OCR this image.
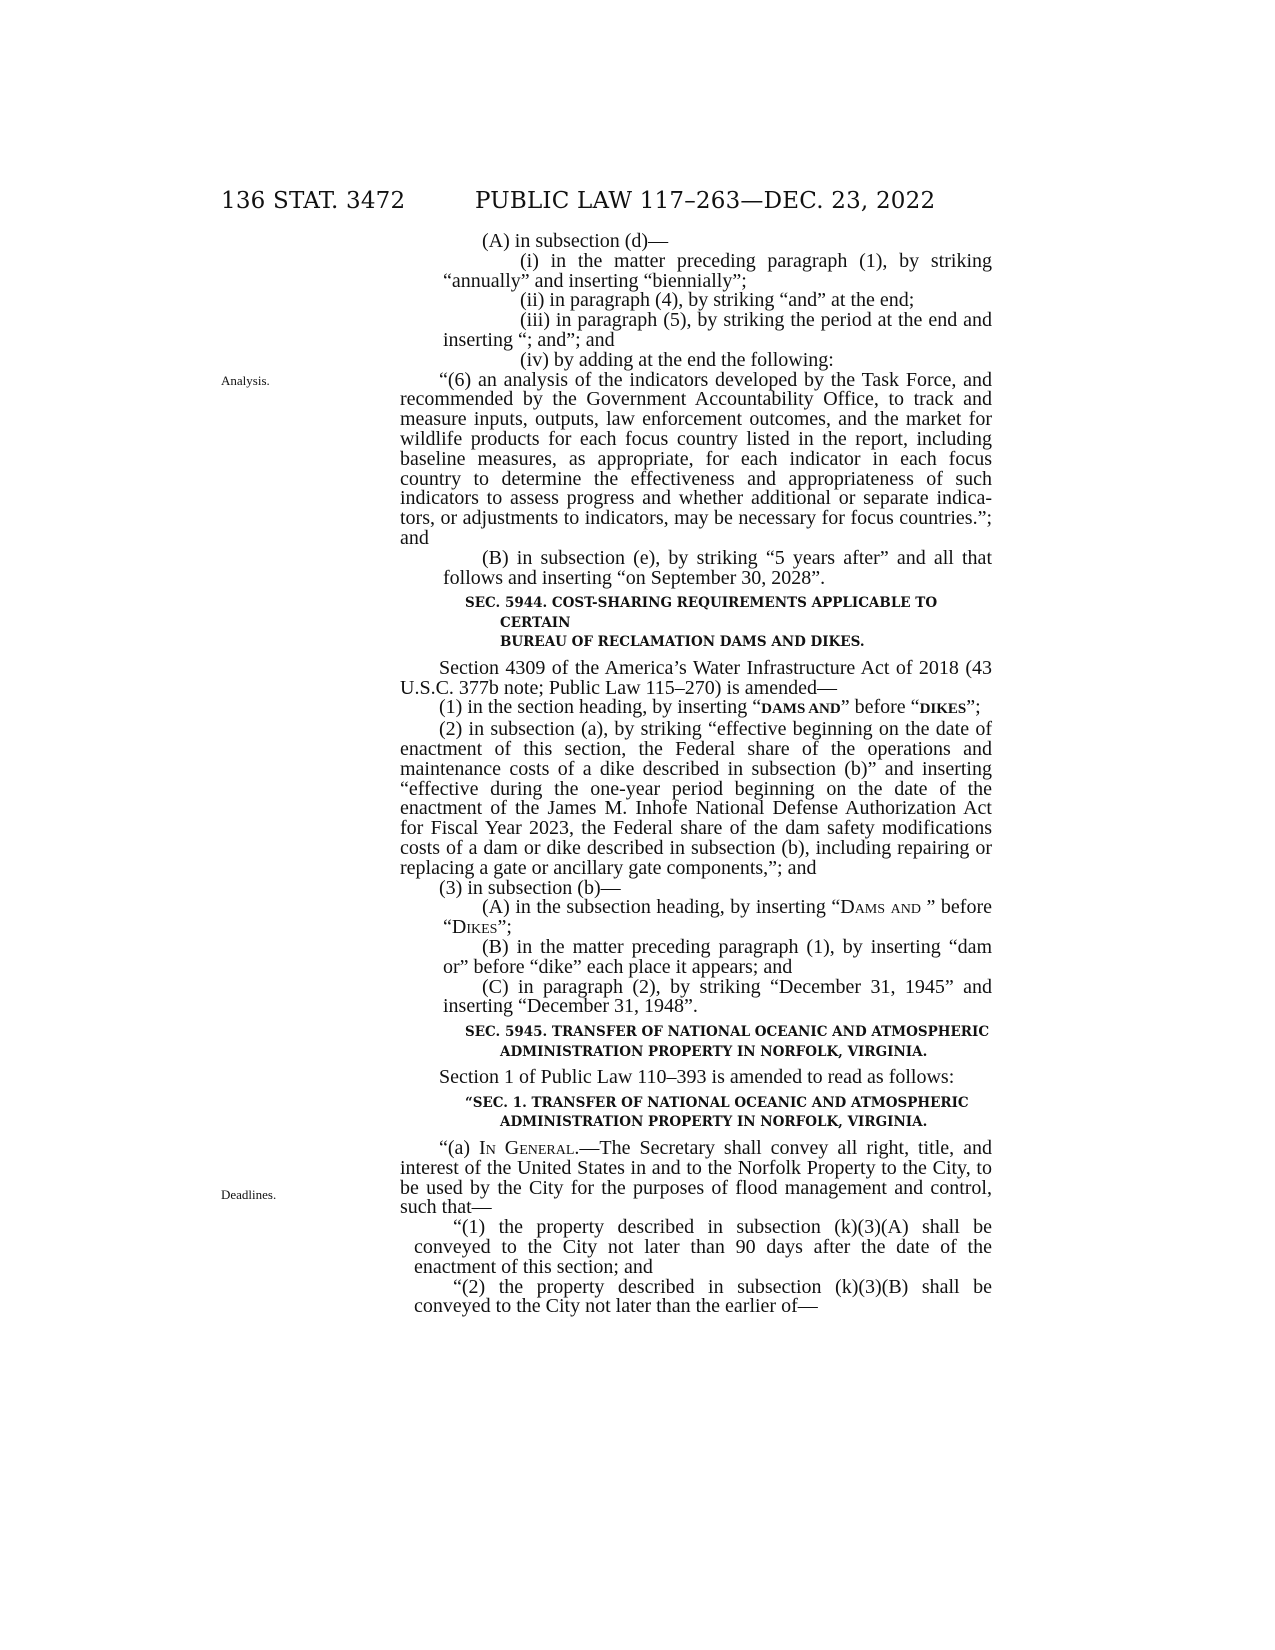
136 STAT. 3472	PUBLIC LAW 117–263—DEC. 23, 2022
Analysis.
Deadlines.

(A) in subsection (d)—

(i) in the matter preceding paragraph (1), by striking “annually” and inserting “biennially”;

(ii) in paragraph (4), by striking “and” at the end;

(iii) in paragraph (5), by striking the period at the end and inserting “; and”; and

(iv) by adding at the end the following:

“(6) an analysis of the indicators developed by the Task Force, and recommended by the Government Accountability Office, to track and measure inputs, outputs, law enforcement outcomes, and the market for wildlife products for each focus country listed in the report, including baseline measures, as appropriate, for each indicator in each focus country to determine the effectiveness and appropriateness of such indicators to assess progress and whether additional or separate indicators, or adjustments to indicators, may be necessary for focus countries.”; and

(B) in subsection (e), by striking “5 years after” and all that follows and inserting “on September 30, 2028”.

SEC. 5944. COST-SHARING REQUIREMENTS APPLICABLE TO CERTAIN
BUREAU OF RECLAMATION DAMS AND DIKES.

Section 4309 of the America’s Water Infrastructure Act of 2018 (43 U.S.C. 377b note; Public Law 115–270) is amended—

(1) in the section heading, by inserting “DAMS AND” before “DIKES”;

(2) in subsection (a), by striking “effective beginning on the date of enactment of this section, the Federal share of the operations and maintenance costs of a dike described in subsection (b)” and inserting “effective during the one-year period beginning on the date of the enactment of the James M. Inhofe National Defense Authorization Act for Fiscal Year 2023, the Federal share of the dam safety modifications costs of a dam or dike described in subsection (b), including repairing or replacing a gate or ancillary gate components,”; and

(3) in subsection (b)—

(A) in the subsection heading, by inserting “Dams and ” before “Dikes”;

(B) in the matter preceding paragraph (1), by inserting “dam or” before “dike” each place it appears; and

(C) in paragraph (2), by striking “December 31, 1945” and inserting “December 31, 1948”.

SEC. 5945. TRANSFER OF NATIONAL OCEANIC AND ATMOSPHERIC
ADMINISTRATION PROPERTY IN NORFOLK, VIRGINIA.

Section 1 of Public Law 110–393 is amended to read as follows:

“SEC. 1. TRANSFER OF NATIONAL OCEANIC AND ATMOSPHERIC
ADMINISTRATION PROPERTY IN NORFOLK, VIRGINIA.

“(a) In General.—The Secretary shall convey all right, title, and interest of the United States in and to the Norfolk Property to the City, to be used by the City for the purposes of flood management and control, such that—

“(1) the property described in subsection (k)(3)(A) shall be conveyed to the City not later than 90 days after the date of the enactment of this section; and

“(2) the property described in subsection (k)(3)(B) shall be conveyed to the City not later than the earlier of—
